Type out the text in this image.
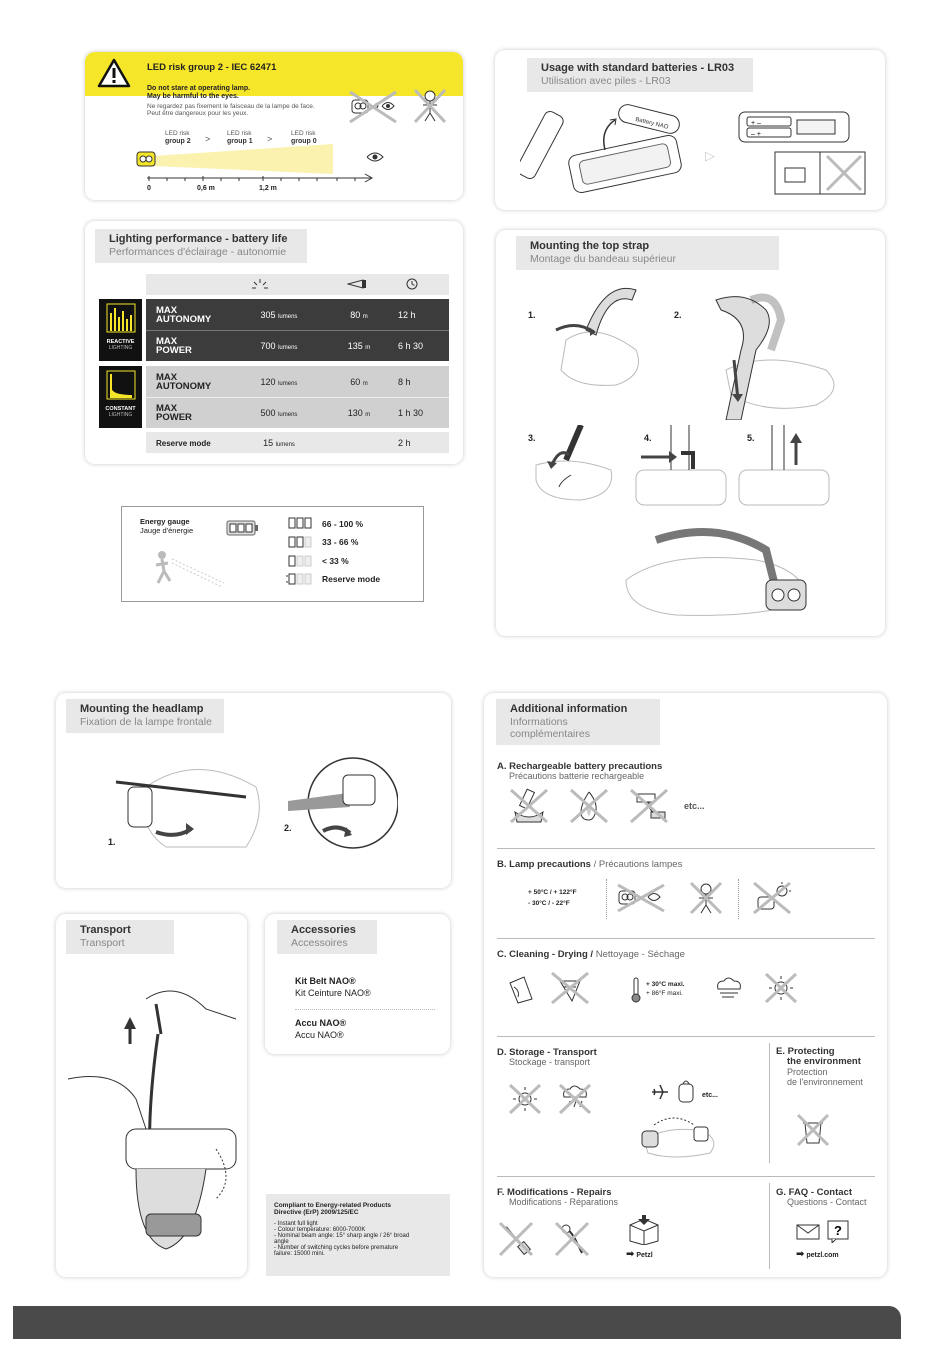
LED risk group 2 - IEC 62471
Do not stare at operating lamp.
May be harmful to the eyes.
Ne regardez pas fixement le faisceau de la lampe de face.
Peut être dangereux pour les yeux.
LED risk
group 2 >
LED risk
group 1 >
LED risk
group 0
0	0,6 m	1,2 m
Usage with standard batteries - LR03
Utilisation avec piles - LR03
Battery NAO
▷
+ –
– +
Lighting performance - battery life
Performances d'éclairage - autonomie
REACTIVE
LIGHTING
CONSTANT
LIGHTING
MAX
AUTONOMY	305 lumens	80 m	12 h
MAX
POWER	700 lumens	135 m	6 h 30
MAX
AUTONOMY	120 lumens	60 m	8 h
MAX
POWER	500 lumens	130 m	1 h 30
Reserve mode	15 lumens	2 h
Energy gauge
Jauge d'énergie
66 - 100 %
33 - 66 %
< 33 %
Reserve mode
Mounting the top strap
Montage du bandeau supérieur
1.	2.
3.	4.	5.
Mounting the headlamp
Fixation de la lampe frontale
1.
2.
Transport
Transport
Accessories
Accessoires
Kit Belt NAO®
Kit Ceinture NAO®
Accu NAO®
Accu NAO®
Compliant to Energy-related Products
Directive (ErP) 2009/125/EC
- Instant full light
- Colour temperature: 6000-7000K
- Nominal beam angle: 15° sharp angle / 26° broad
angle
- Number of switching cycles before premature
failure: 15000 mini.
Additional information
Informations complémentaires
A. Rechargeable battery precautions
Précautions batterie rechargeable
etc...
B. Lamp precautions / Précautions lampes
+ 50°C / + 122°F
- 30°C / - 22°F
C. Cleaning - Drying / Nettoyage - Séchage
+ 30°C maxi.
+ 86°F maxi.
D. Storage - Transport
Stockage - transport
etc...
E. Protecting
the environment
Protection
de l'environnement
F. Modifications - Repairs
Modifications - Réparations
➡ Petzl
G. FAQ - Contact
Questions - Contact
?
➡ petzl.com
